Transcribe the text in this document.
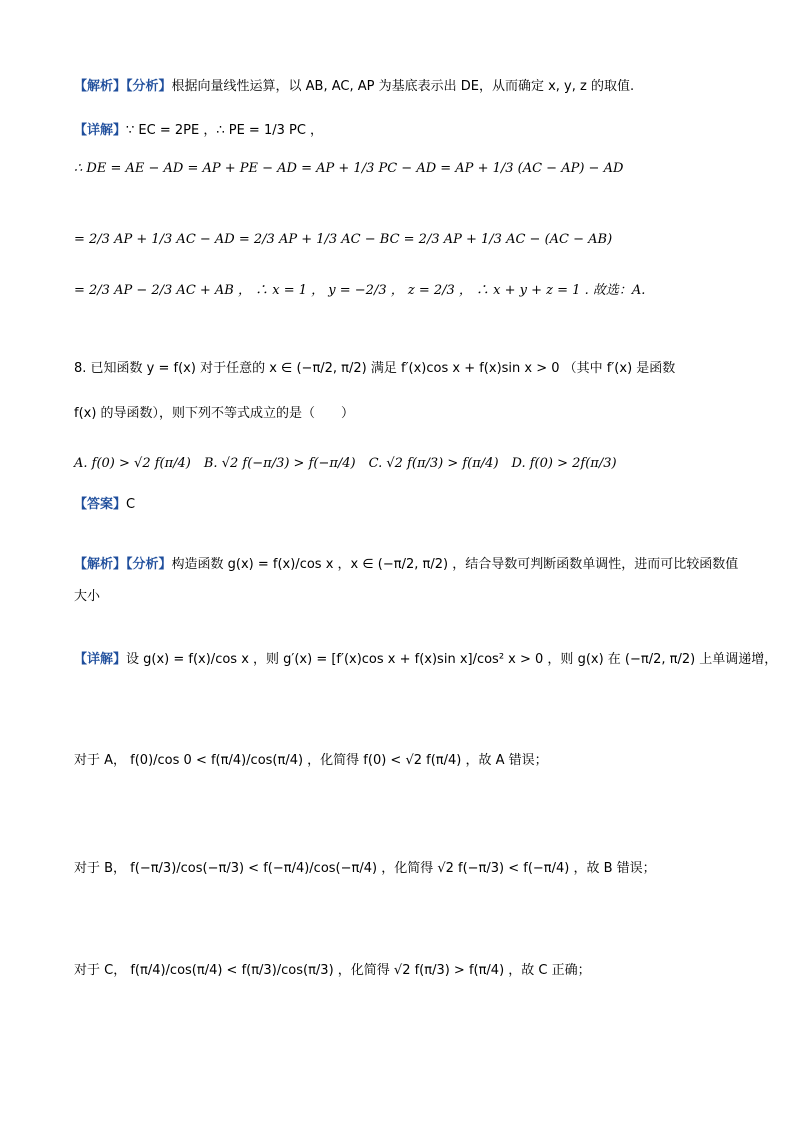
【解析】【分析】根据向量线性运算，以 AB, AC, AP 为基底表示出 DE，从而确定 x, y, z 的取值.
【详解】∵ EC = 2PE ，∴ PE = 1/3 PC ，
∴ DE = AE − AD = AP + PE − AD = AP + 1/3 PC − AD = AP + 1/3 (AC − AP) − AD
= 2/3 AP + 1/3 AC − AD = 2/3 AP + 1/3 AC − BC = 2/3 AP + 1/3 AC − (AC − AB)
= 2/3 AP − 2/3 AC + AB ， ∴ x = 1 ， y = −2/3 ， z = 2/3 ， ∴ x + y + z = 1 . 故选：A.
8. 已知函数 y = f(x) 对于任意的 x ∈ (−π/2, π/2) 满足 f′(x)cos x + f(x)sin x > 0 （其中 f′(x) 是函数
f(x) 的导函数），则下列不等式成立的是（　　）
A. f(0) > √2 f(π/4)　B. √2 f(−π/3) > f(−π/4)　C. √2 f(π/3) > f(π/4)　D. f(0) > 2f(π/3)
【答案】C
【解析】【分析】构造函数 g(x) = f(x)/cos x ，x ∈ (−π/2, π/2) ，结合导数可判断函数单调性，进而可比较函数值
大小
【详解】设 g(x) = f(x)/cos x ，则 g′(x) = [f′(x)cos x + f(x)sin x]/cos² x > 0 ，则 g(x) 在 (−π/2, π/2) 上单调递增，
对于 A， f(0)/cos 0 < f(π/4)/cos(π/4) ，化简得 f(0) < √2 f(π/4) ，故 A 错误；
对于 B， f(−π/3)/cos(−π/3) < f(−π/4)/cos(−π/4) ，化简得 √2 f(−π/3) < f(−π/4) ，故 B 错误；
对于 C， f(π/4)/cos(π/4) < f(π/3)/cos(π/3) ，化简得 √2 f(π/3) > f(π/4) ，故 C 正确；
